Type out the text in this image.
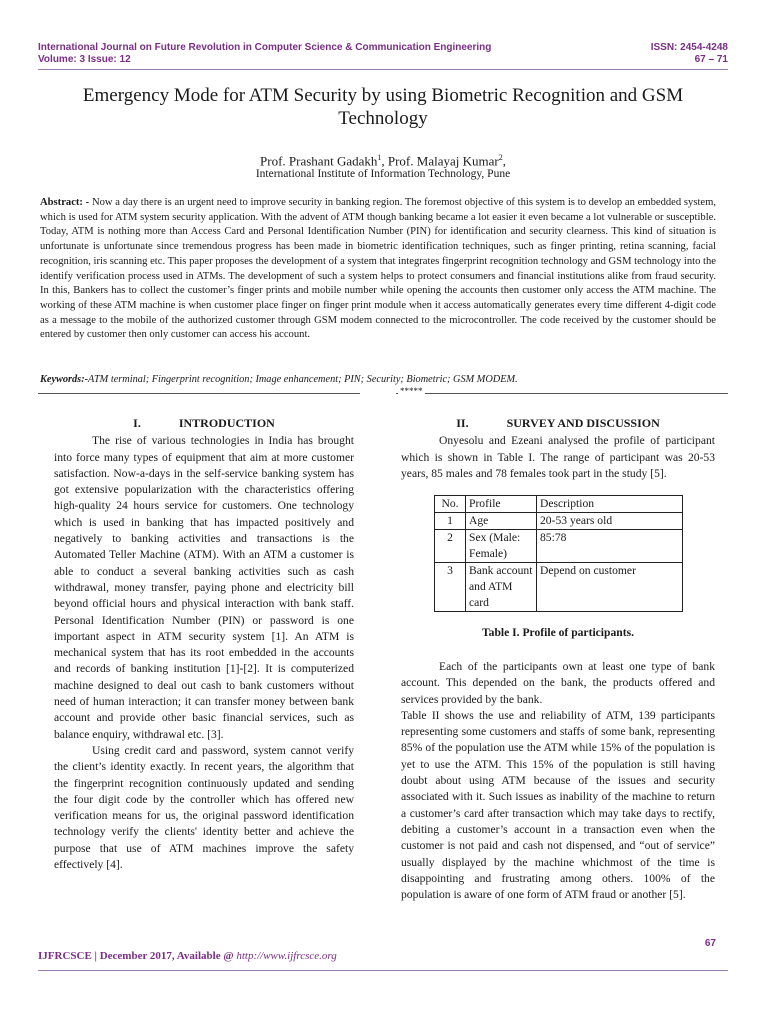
International Journal on Future Revolution in Computer Science & Communication Engineering
Volume: 3 Issue: 12
ISSN: 2454-4248
67 – 71
Emergency Mode for ATM Security by using Biometric Recognition and GSM Technology
Prof. Prashant Gadakh$^1$, Prof. Malayaj Kumar$^2$,
International Institute of Information Technology, Pune
Abstract: - Now a day there is an urgent need to improve security in banking region. The foremost objective of this system is to develop an embedded system, which is used for ATM system security application. With the advent of ATM though banking became a lot easier it even became a lot vulnerable or susceptible. Today, ATM is nothing more than Access Card and Personal Identification Number (PIN) for identification and security clearness. This kind of situation is unfortunate is unfortunate since tremendous progress has been made in biometric identification techniques, such as finger printing, retina scanning, facial recognition, iris scanning etc. This paper proposes the development of a system that integrates fingerprint recognition technology and GSM technology into the identify verification process used in ATMs. The development of such a system helps to protect consumers and financial institutions alike from fraud security. In this, Bankers has to collect the customer’s finger prints and mobile number while opening the accounts then customer only access the ATM machine. The working of these ATM machine is when customer place finger on finger print module when it access automatically generates every time different 4-digit code as a message to the mobile of the authorized customer through GSM modem connected to the microcontroller. The code received by the customer should be entered by customer then only customer can access his account.
Keywords:-ATM terminal; Fingerprint recognition; Image enhancement; PIN; Security; Biometric; GSM MODEM.
*****
I.	INTRODUCTION

The rise of various technologies in India has brought into force many types of equipment that aim at more customer satisfaction. Now-a-days in the self-service banking system has got extensive popularization with the characteristics offering high-quality 24 hours service for customers. One technology which is used in banking that has impacted positively and negatively to banking activities and transactions is the Automated Teller Machine (ATM). With an ATM a customer is able to conduct a several banking activities such as cash withdrawal, money transfer, paying phone and electricity bill beyond official hours and physical interaction with bank staff. Personal Identification Number (PIN) or password is one important aspect in ATM security system [1]. An ATM is mechanical system that has its root embedded in the accounts and records of banking institution [1]-[2]. It is computerized machine designed to deal out cash to bank customers without need of human interaction; it can transfer money between bank account and provide other basic financial services, such as balance enquiry, withdrawal etc. [3].

Using credit card and password, system cannot verify the client’s identity exactly. In recent years, the algorithm that the fingerprint recognition continuously updated and sending the four digit code by the controller which has offered new verification means for us, the original password identification technology verify the clients' identity better and achieve the purpose that use of ATM machines improve the safety effectively [4].

II.	SURVEY AND DISCUSSION

Onyesolu and Ezeani analysed the profile of participant which is shown in Table I. The range of participant was 20-53 years, 85 males and 78 females took part in the study [5].

No.	Profile	Description
1	Age	20-53 years old
2	Sex (Male: Female)	85:78
3	Bank account and ATM card	Depend on customer
Table I. Profile of participants.

Each of the participants own at least one type of bank account. This depended on the bank, the products offered and services provided by the bank.

Table II shows the use and reliability of ATM, 139 participants representing some customers and staffs of some bank, representing 85% of the population use the ATM while 15% of the population is yet to use the ATM. This 15% of the population is still having doubt about using ATM because of the issues and security associated with it. Such issues as inability of the machine to return a customer’s card after transaction which may take days to rectify, debiting a customer’s account in a transaction even when the customer is not paid and cash not dispensed, and “out of service” usually displayed by the machine whichmost of the time is disappointing and frustrating among others. 100% of the population is aware of one form of ATM fraud or another [5].

67
IJFRCSCE | December 2017, Available @ http://www.ijfrcsce.org
